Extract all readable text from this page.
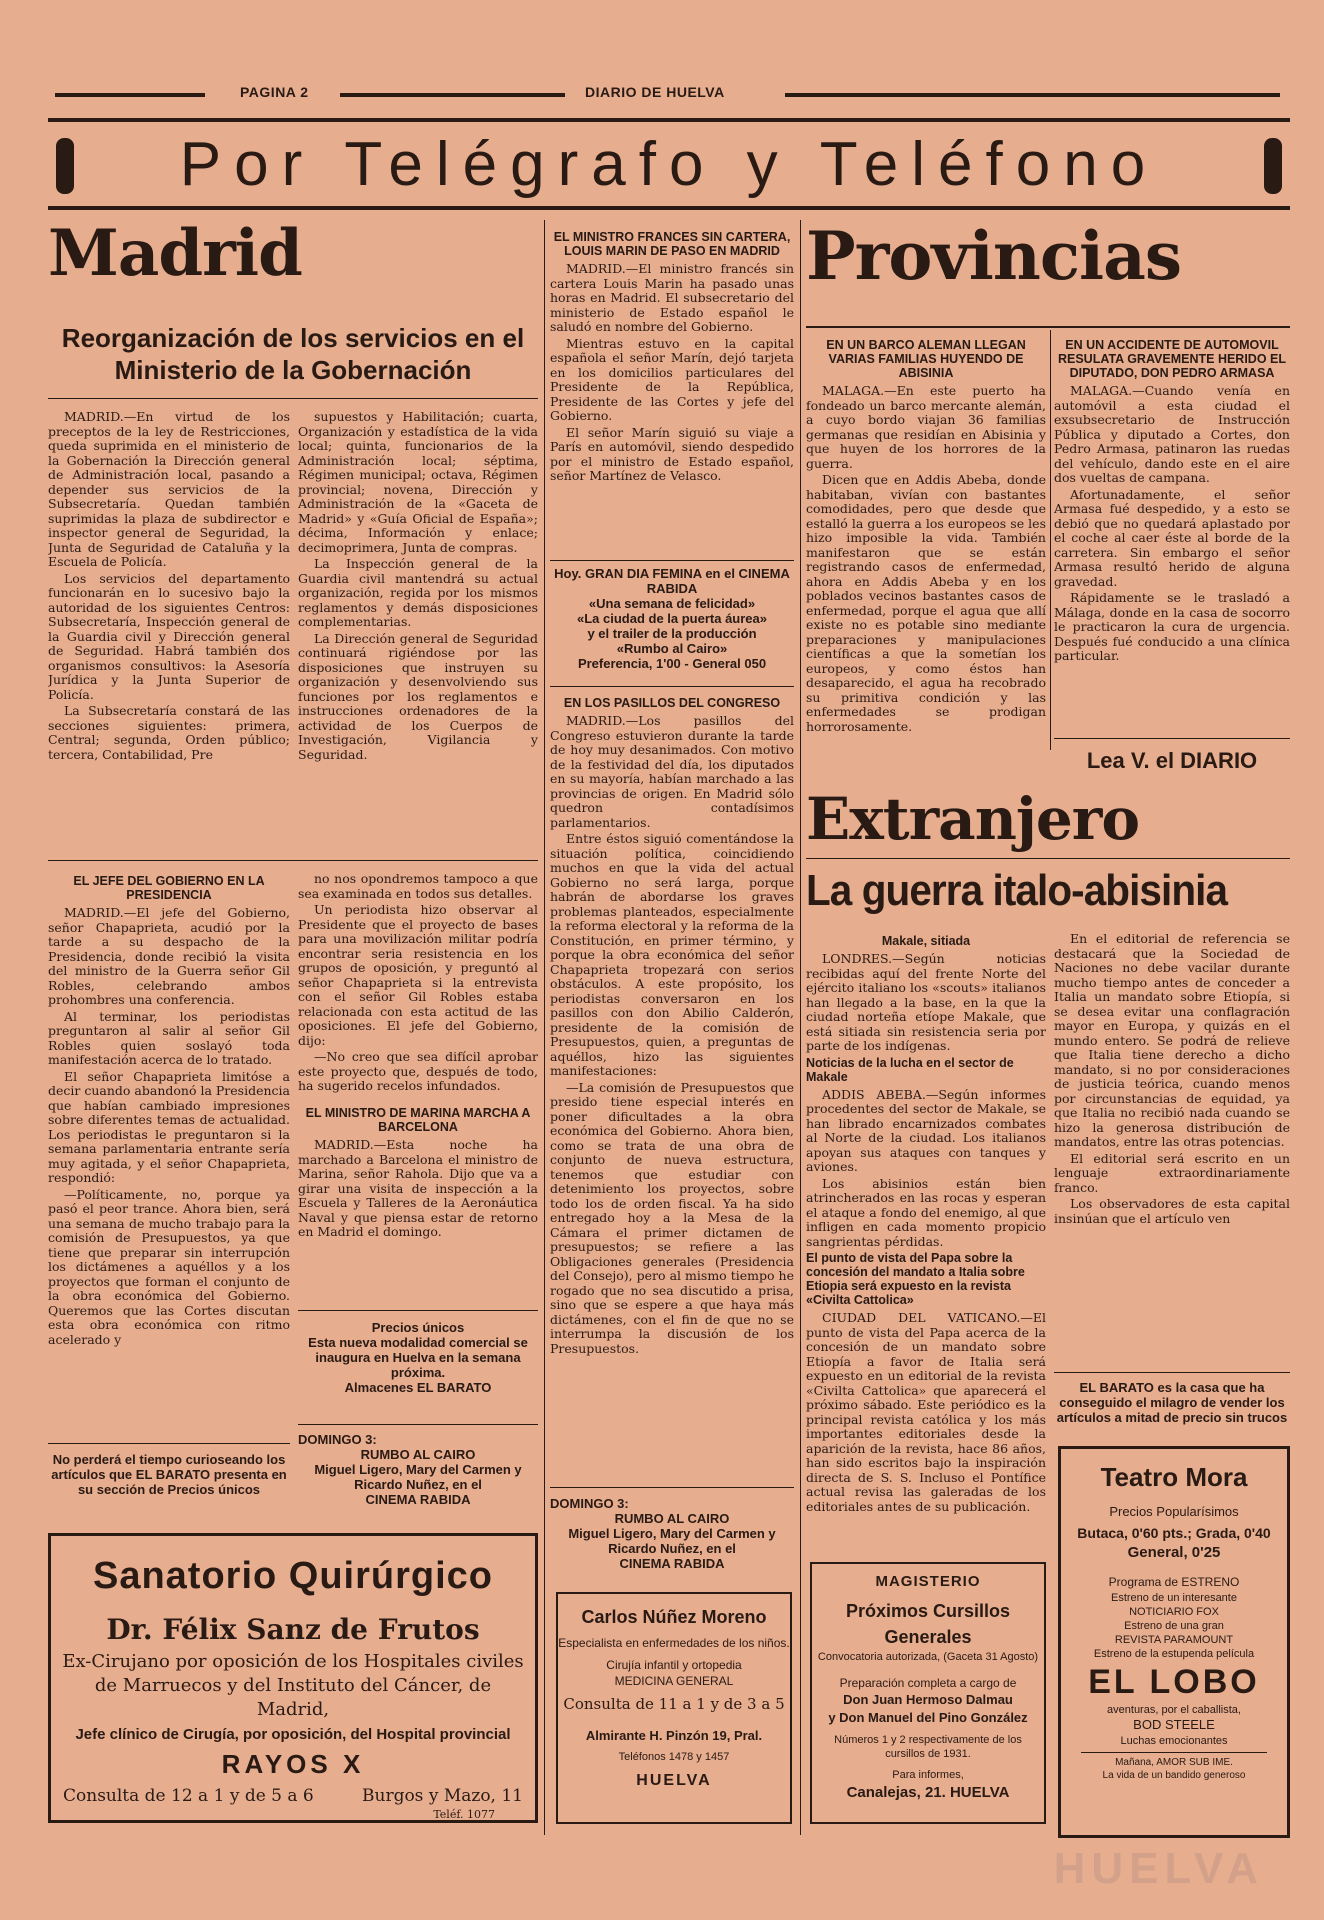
PAGINA 2	DIARIO DE HUELVA
Por Telégrafo y Teléfono
Madrid
Reorganización de los servicios en el Ministerio de la Gobernación

MADRID.—En virtud de los preceptos de la ley de Restricciones, queda suprimida en el ministerio de la Gobernación la Dirección general de Administración local, pasando a depender sus servicios de la Subsecretaría. Quedan también suprimidas la plaza de subdirector e inspector general de Seguridad, la Junta de Seguridad de Cataluña y la Escuela de Policía.

Los servicios del departamento funcionarán en lo sucesivo bajo la autoridad de los siguientes Centros: Subsecretaría, Inspección general de la Guardia civil y Dirección general de Seguridad. Habrá también dos organismos consultivos: la Asesoría Jurídica y la Junta Superior de Policía.

La Subsecretaría constará de las secciones siguientes: primera, Central; segunda, Orden público; tercera, Contabilidad, Pre

supuestos y Habilitación; cuarta, Organización y estadística de la vida local; quinta, funcionarios de la Administración local; séptima, Régimen municipal; octava, Régimen provincial; novena, Dirección y Administración de la «Gaceta de Madrid» y «Guía Oficial de España»; décima, Información y enlace; decimoprimera, Junta de compras.

La Inspección general de la Guardia civil mantendrá su actual organización, regida por los mismos reglamentos y demás disposiciones complementarias.

La Dirección general de Seguridad continuará rigiéndose por las disposiciones que instruyen su organización y desenvolviendo sus funciones por los reglamentos e instrucciones ordenadores de la actividad de los Cuerpos de Investigación, Vigilancia y Seguridad.

EL JEFE DEL GOBIERNO EN LA PRESIDENCIA

MADRID.—El jefe del Gobierno, señor Chapaprieta, acudió por la tarde a su despacho de la Presidencia, donde recibió la visita del ministro de la Guerra señor Gil Robles, celebrando ambos prohombres una conferencia.

Al terminar, los periodistas preguntaron al salir al señor Gil Robles quien soslayó toda manifestación acerca de lo tratado.

El señor Chapaprieta limitóse a decir cuando abandonó la Presidencia que habían cambiado impresiones sobre diferentes temas de actualidad. Los periodistas le preguntaron si la semana parlamentaria entrante sería muy agitada, y el señor Chapaprieta, respondió:

—Políticamente, no, porque ya pasó el peor trance. Ahora bien, será una semana de mucho trabajo para la comisión de Presupuestos, ya que tiene que preparar sin interrupción los dictámenes a aquéllos y a los proyectos que forman el conjunto de la obra económica del Gobierno. Queremos que las Cortes discutan esta obra económica con ritmo acelerado y

no nos opondremos tampoco a que sea examinada en todos sus detalles.

Un periodista hizo observar al Presidente que el proyecto de bases para una movilización militar podría encontrar seria resistencia en los grupos de oposición, y preguntó al señor Chapaprieta si la entrevista con el señor Gil Robles estaba relacionada con esta actitud de las oposiciones. El jefe del Gobierno, dijo:

—No creo que sea difícil aprobar este proyecto que, después de todo, ha sugerido recelos infundados.

EL MINISTRO DE MARINA MARCHA A BARCELONA

MADRID.—Esta noche ha marchado a Barcelona el ministro de Marina, señor Rahola. Dijo que va a girar una visita de inspección a la Escuela y Talleres de la Aeronáutica Naval y que piensa estar de retorno en Madrid el domingo.

Precios únicos
Esta nueva modalidad comercial se inaugura en Huelva en la semana próxima.
Almacenes EL BARATO
DOMINGO 3:
RUMBO AL CAIRO
Miguel Ligero, Mary del Carmen y Ricardo Nuñez, en el
CINEMA RABIDA
No perderá el tiempo curioseando los artículos que EL BARATO presenta en su sección de Precios únicos
Sanatorio Quirúrgico
Dr. Félix Sanz de Frutos
Ex-Cirujano por oposición de los Hospitales civiles de Marruecos y del Instituto del Cáncer, de Madrid,
Jefe clínico de Cirugía, por oposición, del Hospital provincial
RAYOS X
Consulta de 12 a 1 y de 5 a 6	Burgos y Mazo, 11
Teléf. 1077
EL MINISTRO FRANCES SIN CARTERA, LOUIS MARIN DE PASO EN MADRID

MADRID.—El ministro francés sin cartera Louis Marin ha pasado unas horas en Madrid. El subsecretario del ministerio de Estado español le saludó en nombre del Gobierno.

Mientras estuvo en la capital española el señor Marín, dejó tarjeta en los domicilios particulares del Presidente de la República, Presidente de las Cortes y jefe del Gobierno.

El señor Marín siguió su viaje a París en automóvil, siendo despedido por el ministro de Estado español, señor Martínez de Velasco.

Hoy. GRAN DIA FEMINA en el CINEMA RABIDA
«Una semana de felicidad»
«La ciudad de la puerta áurea»
y el trailer de la producción
«Rumbo al Cairo»
Preferencia, 1'00 - General 050
EN LOS PASILLOS DEL CONGRESO

MADRID.—Los pasillos del Congreso estuvieron durante la tarde de hoy muy desanimados. Con motivo de la festividad del día, los diputados en su mayoría, habían marchado a las provincias de origen. En Madrid sólo quedron contadísimos parlamentarios.

Entre éstos siguió comentándose la situación política, coincidiendo muchos en que la vida del actual Gobierno no será larga, porque habrán de abordarse los graves problemas planteados, especialmente la reforma electoral y la reforma de la Constitución, en primer término, y porque la obra económica del señor Chapaprieta tropezará con serios obstáculos. A este propósito, los periodistas conversaron en los pasillos con don Abilio Calderón, presidente de la comisión de Presupuestos, quien, a preguntas de aquéllos, hizo las siguientes manifestaciones:

—La comisión de Presupuestos que presido tiene especial interés en poner dificultades a la obra económica del Gobierno. Ahora bien, como se trata de una obra de conjunto de nueva estructura, tenemos que estudiar con detenimiento los proyectos, sobre todo los de orden fiscal. Ya ha sido entregado hoy a la Mesa de la Cámara el primer dictamen de presupuestos; se refiere a las Obligaciones generales (Presidencia del Consejo), pero al mismo tiempo he rogado que no sea discutido a prisa, sino que se espere a que haya más dictámenes, con el fin de que no se interrumpa la discusión de los Presupuestos.

DOMINGO 3:
RUMBO AL CAIRO
Miguel Ligero, Mary del Carmen y Ricardo Nuñez, en el
CINEMA RABIDA
Carlos Núñez Moreno
Especialista en enfermedades de los niños.
Cirujía infantil y ortopedia
MEDICINA GENERAL
Consulta de 11 a 1 y de 3 a 5
Almirante H. Pinzón 19, Pral.
Teléfonos 1478 y 1457
HUELVA
Provincias
EN UN BARCO ALEMAN LLEGAN VARIAS FAMILIAS HUYENDO DE ABISINIA

MALAGA.—En este puerto ha fondeado un barco mercante alemán, a cuyo bordo viajan 36 familias germanas que residían en Abisinia y que huyen de los horrores de la guerra.

Dicen que en Addis Abeba, donde habitaban, vivían con bastantes comodidades, pero que desde que estalló la guerra a los europeos se les hizo imposible la vida. También manifestaron que se están registrando casos de enfermedad, ahora en Addis Abeba y en los poblados vecinos bastantes casos de enfermedad, porque el agua que allí existe no es potable sino mediante preparaciones y manipulaciones científicas a que la sometían los europeos, y como éstos han desaparecido, el agua ha recobrado su primitiva condición y las enfermedades se prodigan horrorosamente.

EN UN ACCIDENTE DE AUTOMOVIL RESULATA GRAVEMENTE HERIDO EL DIPUTADO, DON PEDRO ARMASA

MALAGA.—Cuando venía en automóvil a esta ciudad el exsubsecretario de Instrucción Pública y diputado a Cortes, don Pedro Armasa, patinaron las ruedas del vehículo, dando este en el aire dos vueltas de campana.

Afortunadamente, el señor Armasa fué despedido, y a esto se debió que no quedará aplastado por el coche al caer éste al borde de la carretera. Sin embargo el señor Armasa resultó herido de alguna gravedad.

Rápidamente se le trasladó a Málaga, donde en la casa de socorro le practicaron la cura de urgencia. Después fué conducido a una clínica particular.

Lea V. el DIARIO
Extranjero
La guerra italo-abisinia
Makale, sitiada

LONDRES.—Según noticias recibidas aquí del frente Norte del ejército italiano los «scouts» italianos han llegado a la base, en la que la ciudad norteña etíope Makale, que está sitiada sin resistencia seria por parte de los indígenas.

Noticias de la lucha en el sector de Makale

ADDIS ABEBA.—Según informes procedentes del sector de Makale, se han librado encarnizados combates al Norte de la ciudad. Los italianos apoyan sus ataques con tanques y aviones.

Los abisinios están bien atrincherados en las rocas y esperan el ataque a fondo del enemigo, al que infligen en cada momento propicio sangrientas pérdidas.

El punto de vista del Papa sobre la concesión del mandato a Italia sobre Etiopia será expuesto en la revista «Civilta Cattolica»

CIUDAD DEL VATICANO.—El punto de vista del Papa acerca de la concesión de un mandato sobre Etiopía a favor de Italia será expuesto en un editorial de la revista «Civilta Cattolica» que aparecerá el próximo sábado. Este periódico es la principal revista católica y los más importantes editoriales desde la aparición de la revista, hace 86 años, han sido escritos bajo la inspiración directa de S. S. Incluso el Pontífice actual revisa las galeradas de los editoriales antes de su publicación.

En el editorial de referencia se destacará que la Sociedad de Naciones no debe vacilar durante mucho tiempo antes de conceder a Italia un mandato sobre Etiopía, si se desea evitar una conflagración mayor en Europa, y quizás en el mundo entero. Se podrá de relieve que Italia tiene derecho a dicho mandato, si no por consideraciones de justicia teórica, cuando menos por circunstancias de equidad, ya que Italia no recibió nada cuando se hizo la generosa distribución de mandatos, entre las otras potencias.

El editorial será escrito en un lenguaje extraordinariamente franco.

Los observadores de esta capital insinúan que el artículo ven

EL BARATO es la casa que ha conseguido el milagro de vender los artículos a mitad de precio sin trucos
MAGISTERIO
Próximos Cursillos Generales
Convocatoria autorizada, (Gaceta 31 Agosto)
Preparación completa a cargo de
Don Juan Hermoso Dalmau
y Don Manuel del Pino González
Números 1 y 2 respectivamente de los cursillos de 1931.
Para informes,
Canalejas, 21. HUELVA
Teatro Mora
Precios Popularísimos
Butaca, 0'60 pts.; Grada, 0'40
General, 0'25
Programa de ESTRENO
Estreno de un interesante
NOTICIARIO FOX
Estreno de una gran
REVISTA PARAMOUNT
Estreno de la estupenda película
EL LOBO
aventuras, por el caballista,
BOD STEELE
Luchas emocionantes
Mañana, AMOR SUB IME.
La vida de un bandido generoso
HUELVA
